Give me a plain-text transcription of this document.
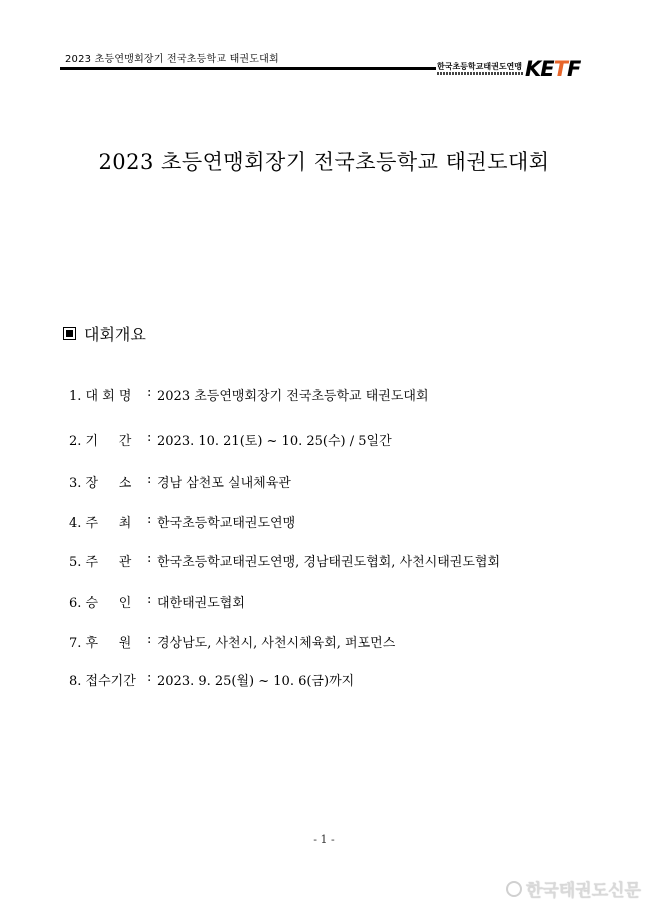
2023 초등연맹회장기 전국초등학교 태권도대회
한국초등학교태권도연맹 KETF
2023 초등연맹회장기 전국초등학교 태권도대회
대회개요
1. 대 회 명	: 2023 초등연맹회장기 전국초등학교 태권도대회
2. 기     간	: 2023. 10. 21(토) ~ 10. 25(수) / 5일간
3. 장     소	: 경남 삼천포 실내체육관
4. 주     최	: 한국초등학교태권도연맹
5. 주     관	: 한국초등학교태권도연맹, 경남태권도협회, 사천시태권도협회
6. 승     인	: 대한태권도협회
7. 후     원	: 경상남도, 사천시, 사천시체육회, 퍼포먼스
8. 접수기간 : 2023. 9. 25(월) ~ 10. 6(금)까지
- 1 -
한국태권도신문
